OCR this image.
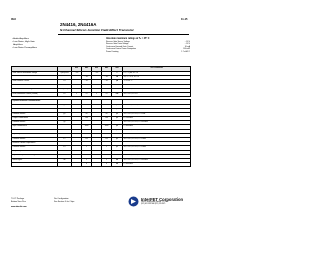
IN-II	11-15
2N4416, 2N4416A
N-Channel Silicon Junction Field-Effect Transistor
• Audio Amplifiers
• Low-Noise, High-Gain
Amplifiers
• Low-Noise Preamplifiers
Absolute maximum ratings at Tₐ = 25° C
Reverse Gate Source Voltage	– 30 V
Reverse Gate Drain Voltage	– 30 V
Continuous Forward Gate Current	10 mA
Continuous Device Power Dissipation	300 mW
Power Derating	1.7 mW/°C
		Min	Max	Min	Max	Unit	Test Conditions
Gate Source Breakdown Voltage	V(BR)GSS	– 30		– 35		V	Iᴳ = – 1 µA, Vᴰˢ = 0
			– 0.1		– 0.1	nA	Vᴳˢ = – 20 V, Vᴰˢ = 0
Gate Reverse Current	Iᴳˢˢ		– 0.1		– 0.1	µA	Tₐ = 150° C

Gate Source Cutoff Voltage	Vᴳˢ(OFF)		– 6	– 2.5	– 6	V	Vᴰˢ = 15 V, Iᴰ = 1 nA
Drain Saturation Current (Pulsed)	Iᴰˢˢ	5	15	5	15	mA	Vᴰˢ = 15 V, Vᴳˢ = 0

Dynamic Electrical Characteristics							
Common Source	gᶠˢ	4500	7500	4500	7500	µS	Vᴰˢ = 15 V, Vᴳˢ = 0, f = 1 kHz
Forward Transconductance		4000		4000		µS	f = 400 MHz
Common Source	gᵒˢ		50		50	µS	Vᴰˢ = 15 V, Vᴳˢ = 0, f = 1 kHz
Output Conductance			100		100	µS	f = 100 MHz
Common Source	gᵢˢ						Vᴰˢ = 15 V, Vᴳˢ = 0, f = 100 MHz
Input Conductance			1000		1000	µS	f = 400 MHz
Common Source	Cᵢₛₛ		4		4	pF	Vᴰˢ = 15 V, Vᴳˢ = 0, f = 1 MHz
Input Capacitance							
Common Source	Cʳₛₛ		0.8		0.8	pF	Vᴰˢ = 15 V, Vᴳˢ = 0, f = 1 MHz
Reverse Transfer Capacitance							
Common Source	Cᵒₛₛ		2		2	pF	Vᴰˢ = 15 V, Vᴳˢ = 0, f = 1 MHz
Output Capacitance							
Equivalent Input Noise Voltage	eₙ		6		6	nV/√Hz	Vᴰˢ = 15 V, Vᴳˢ = 0, f = 1 kHz
Noise Figure	NF		2		2	dB	Vᴰˢ = 15 V, Vᴳˢ = 0, f = 100 MHz
			4		4	dB	f = 400 MHz
TO-72 Package
Bottom View Pins
Die Configuration
See Section G for Chips
www.interfet.com
InterFET Corporation
1000 N. Shiloh Road, Garland, TX 75042
(972) 487-1287 FAX (972) 276-3375
